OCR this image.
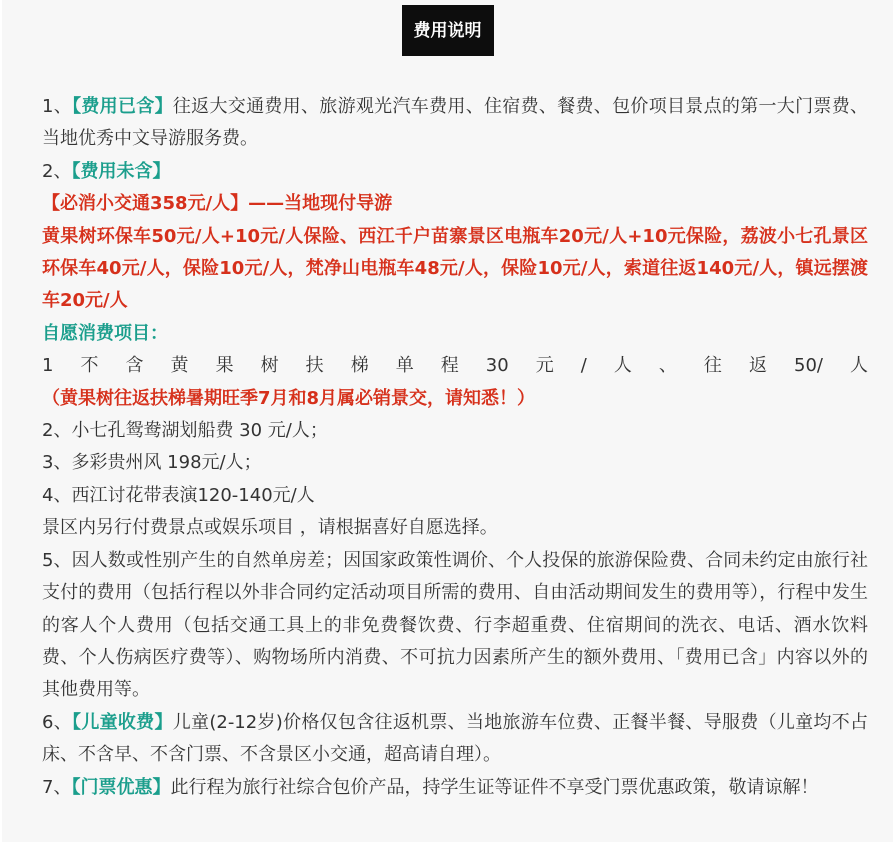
费用说明

1、【费用已含】往返大交通费用、旅游观光汽车费用、住宿费、餐费、包价项目景点的第一大门票费、当地优秀中文导游服务费。

2、【费用未含】

【必消小交通358元/人】——当地现付导游

黄果树环保车50元/人+10元/人保险、西江千户苗寨景区电瓶车20元/人+10元保险，荔波小七孔景区环保车40元/人，保险10元/人，梵净山电瓶车48元/人，保险10元/人，索道往返140元/人，镇远摆渡车20元/人

自愿消费项目：

1不含黄果树扶梯单程30元/人、往返50/人（黄果树往返扶梯暑期旺季7月和8月属必销景交，请知悉！）

2、小七孔鸳鸯湖划船费 30 元/人；

3、多彩贵州风 198元/人；

4、西江讨花带表演120-140元/人

景区内另行付费景点或娱乐项目 ，请根据喜好自愿选择。

5、因人数或性别产生的自然单房差；因国家政策性调价、个人投保的旅游保险费、合同未约定由旅行社支付的费用（包括行程以外非合同约定活动项目所需的费用、自由活动期间发生的费用等），行程中发生的客人个人费用（包括交通工具上的非免费餐饮费、行李超重费、住宿期间的洗衣、电话、酒水饮料费、个人伤病医疗费等）、购物场所内消费、不可抗力因素所产生的额外费用、「费用已含」内容以外的其他费用等。

6、【儿童收费】儿童(2-12岁)价格仅包含往返机票、当地旅游车位费、正餐半餐、导服费（儿童均不占床、不含早、不含门票、不含景区小交通，超高请自理）。

7、【门票优惠】此行程为旅行社综合包价产品，持学生证等证件不享受门票优惠政策，敬请谅解！
